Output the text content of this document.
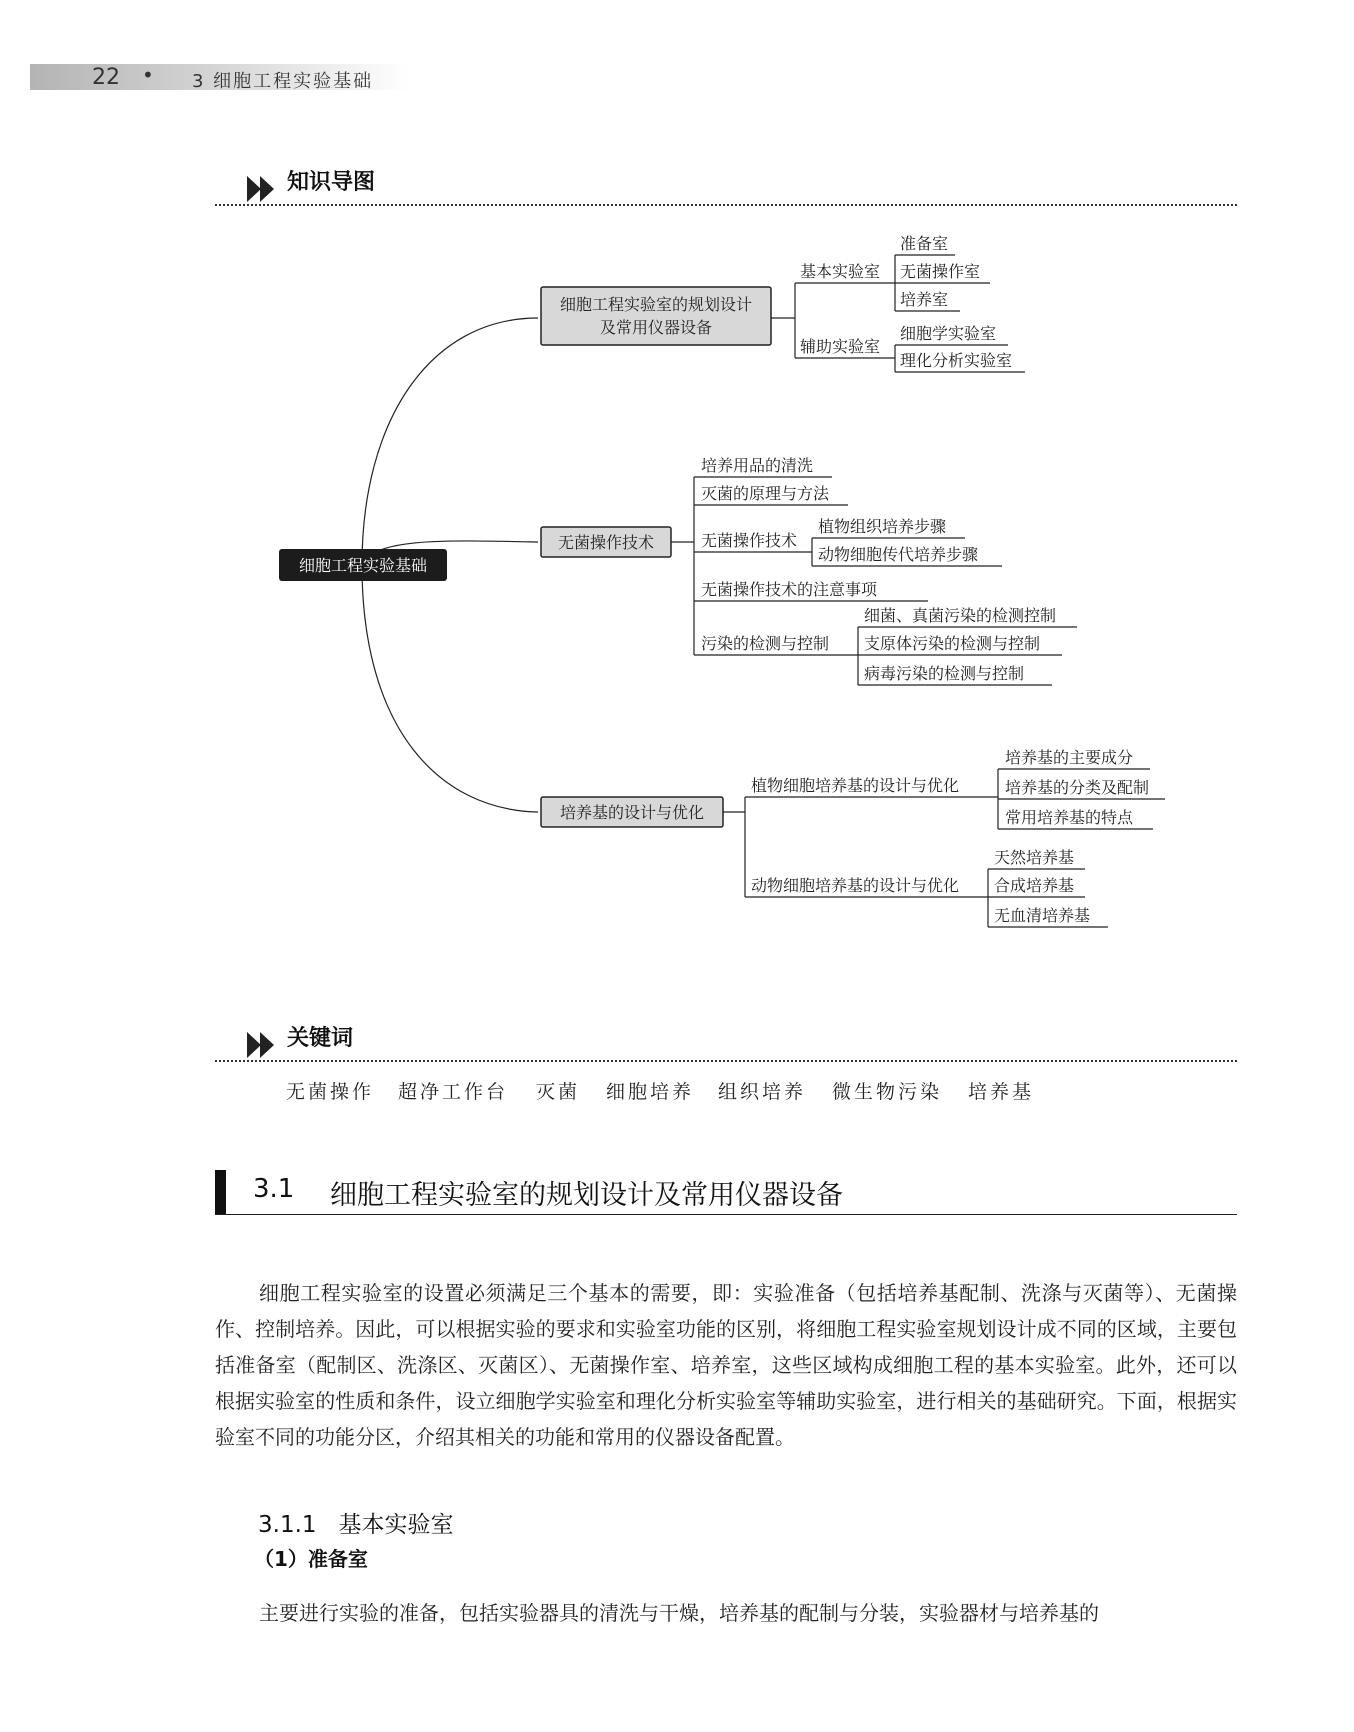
22 • 3 细胞工程实验基础
知识导图
细胞工程实验基础
细胞工程实验室的规划设计
及常用仪器设备
基本实验室
辅助实验室
准备室
无菌操作室
培养室
细胞学实验室
理化分析实验室
无菌操作技术
培养用品的清洗
灭菌的原理与方法
无菌操作技术
无菌操作技术的注意事项
污染的检测与控制
植物组织培养步骤
动物细胞传代培养步骤
细菌、真菌污染的检测控制
支原体污染的检测与控制
病毒污染的检测与控制
培养基的设计与优化
植物细胞培养基的设计与优化
动物细胞培养基的设计与优化
培养基的主要成分
培养基的分类及配制
常用培养基的特点
天然培养基
合成培养基
无血清培养基
关键词
无菌操作 超净工作台 灭菌 细胞培养 组织培养 微生物污染 培养基
3.1 细胞工程实验室的规划设计及常用仪器设备

细胞工程实验室的设置必须满足三个基本的需要，即：实验准备（包括培养基配制、洗涤与灭菌等）、无菌操作、控制培养。因此，可以根据实验的要求和实验室功能的区别，将细胞工程实验室规划设计成不同的区域，主要包括准备室（配制区、洗涤区、灭菌区）、无菌操作室、培养室，这些区域构成细胞工程的基本实验室。此外，还可以根据实验室的性质和条件，设立细胞学实验室和理化分析实验室等辅助实验室，进行相关的基础研究。下面，根据实验室不同的功能分区，介绍其相关的功能和常用的仪器设备配置。

3.1.1 基本实验室
（1）准备室

主要进行实验的准备，包括实验器具的清洗与干燥，培养基的配制与分装，实验器材与培养基的
